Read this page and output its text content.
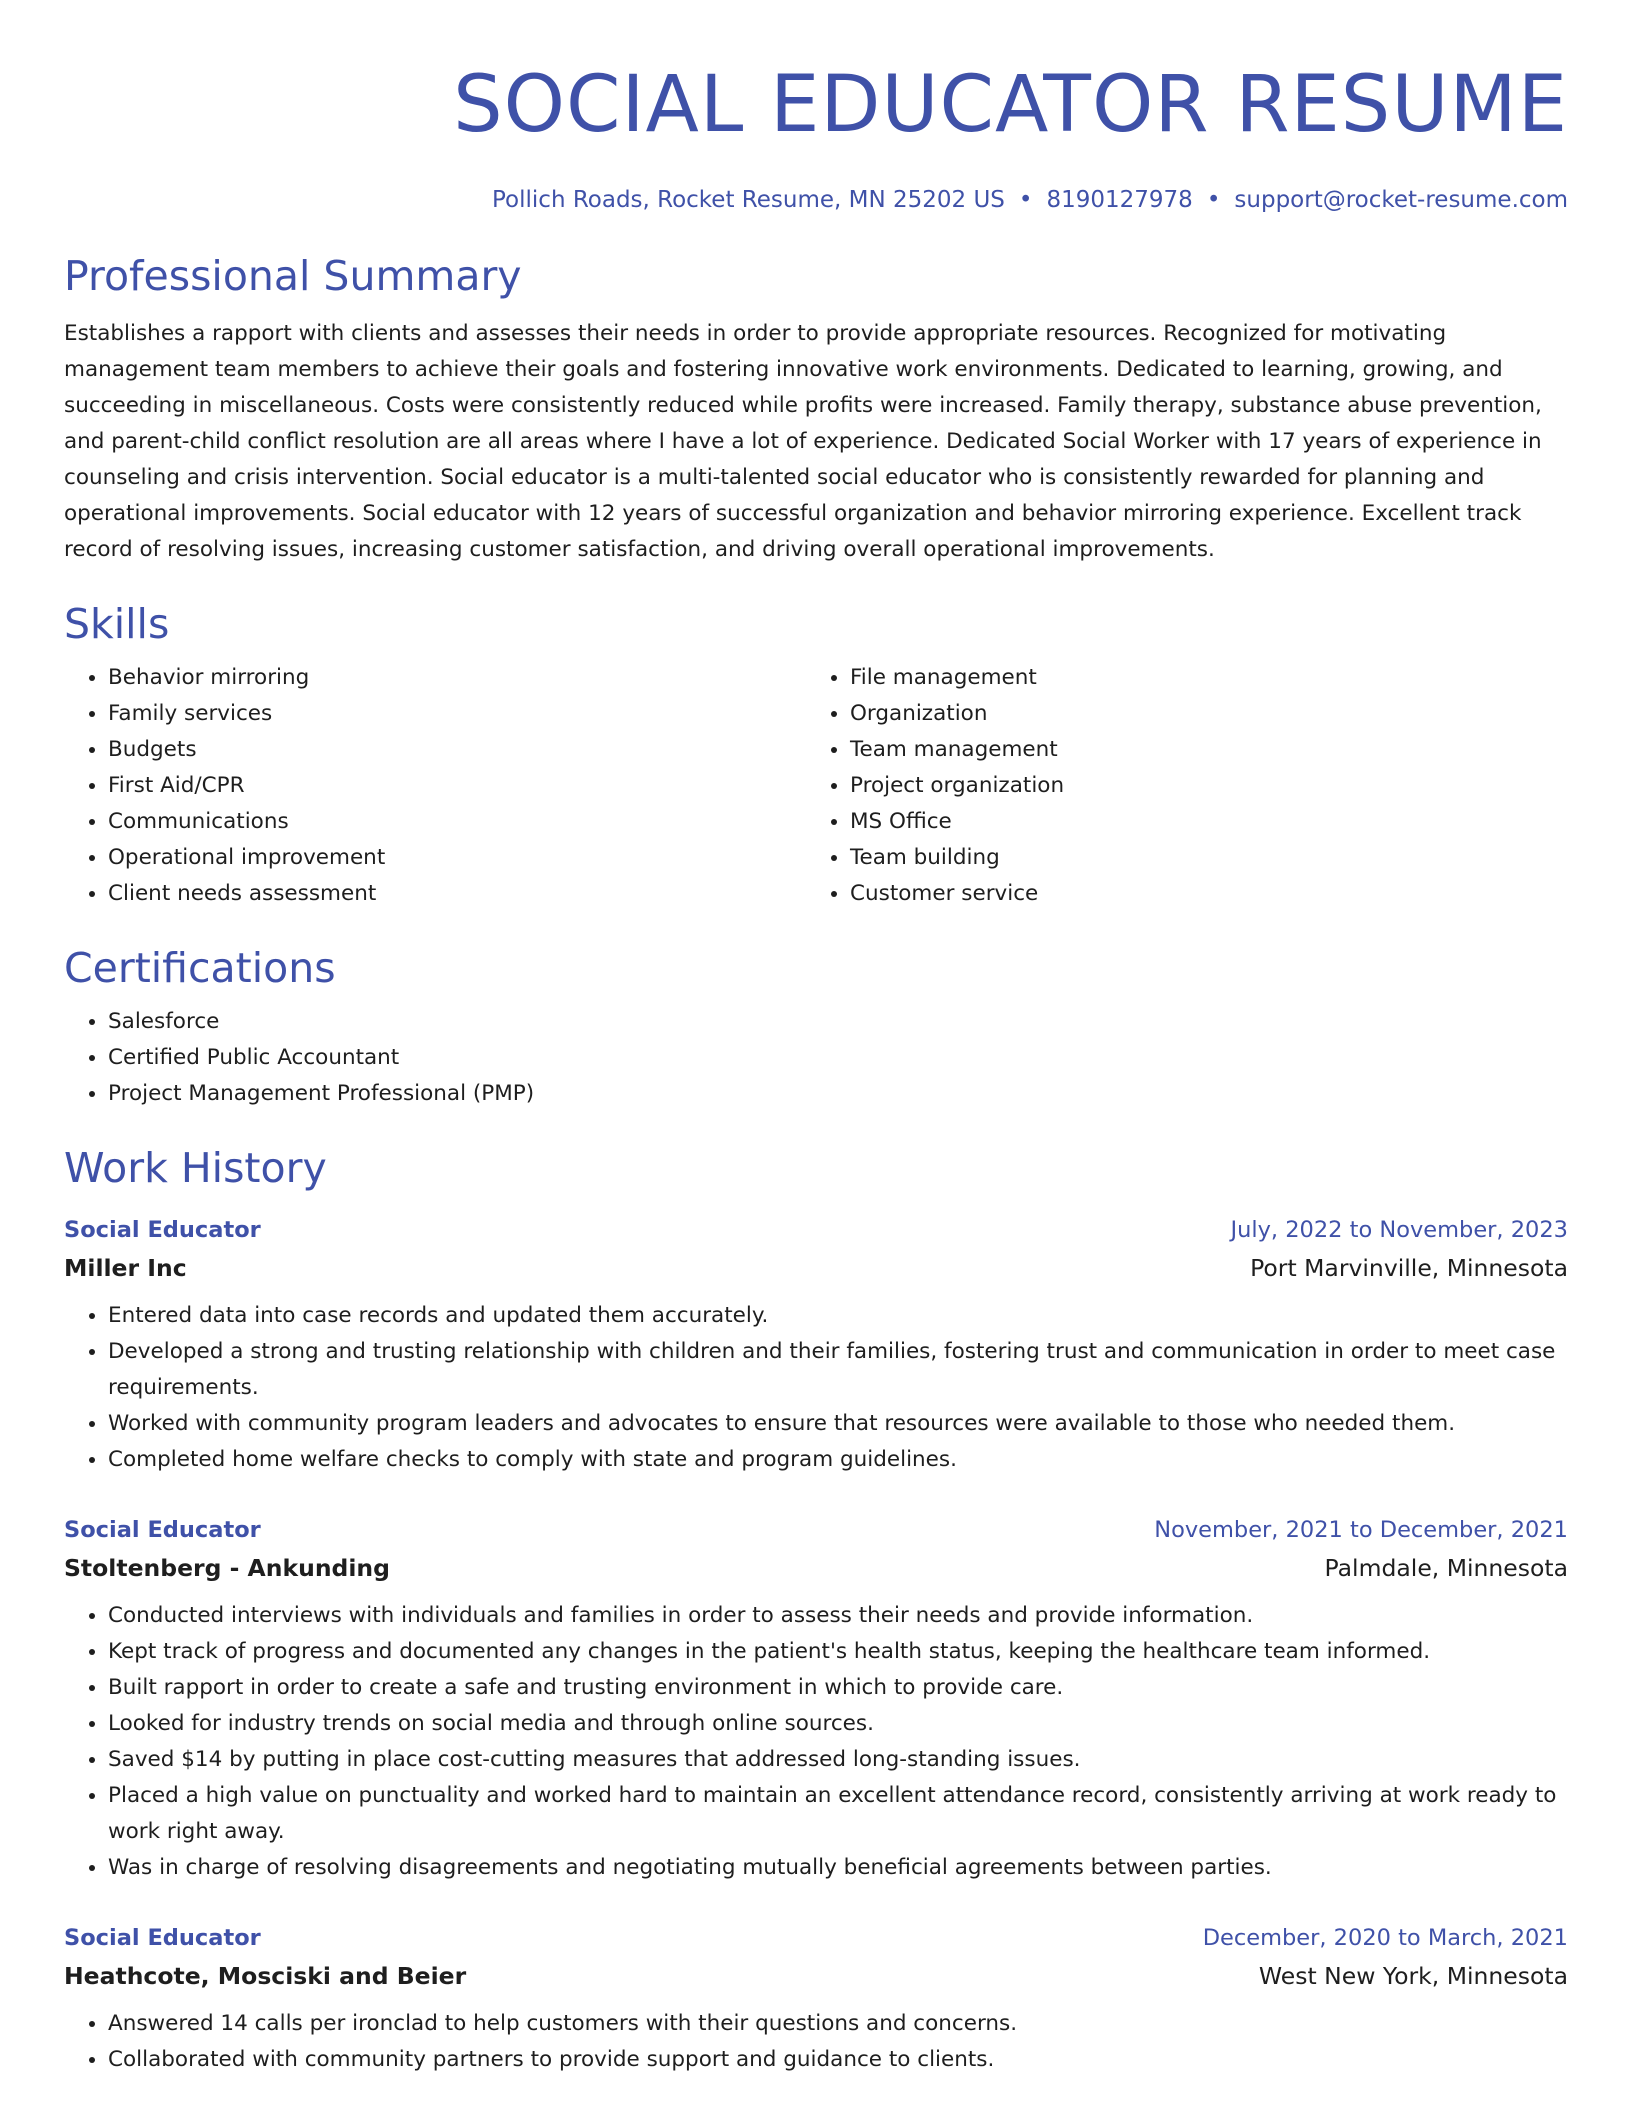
SOCIAL EDUCATOR RESUME
Pollich Roads, Rocket Resume, MN 25202 US • 8190127978 • support@rocket-resume.com
Professional Summary

Establishes a rapport with clients and assesses their needs in order to provide appropriate resources. Recognized for motivating management team members to achieve their goals and fostering innovative work environments. Dedicated to learning, growing, and succeeding in miscellaneous. Costs were consistently reduced while profits were increased. Family therapy, substance abuse prevention, and parent-child conflict resolution are all areas where I have a lot of experience. Dedicated Social Worker with 17 years of experience in counseling and crisis intervention. Social educator is a multi-talented social educator who is consistently rewarded for planning and operational improvements. Social educator with 12 years of successful organization and behavior mirroring experience. Excellent track record of resolving issues, increasing customer satisfaction, and driving overall operational improvements.

Skills
• Behavior mirroring
• Family services
• Budgets
• First Aid/CPR
• Communications
• Operational improvement
• Client needs assessment
• File management
• Organization
• Team management
• Project organization
• MS Office
• Team building
• Customer service
Certifications
• Salesforce
• Certified Public Accountant
• Project Management Professional (PMP)
Work History
Social Educator	July, 2022 to November, 2023
Miller Inc	Port Marvinville, Minnesota
• Entered data into case records and updated them accurately.
• Developed a strong and trusting relationship with children and their families, fostering trust and communication in order to meet case requirements.
• Worked with community program leaders and advocates to ensure that resources were available to those who needed them.
• Completed home welfare checks to comply with state and program guidelines.
Social Educator	November, 2021 to December, 2021
Stoltenberg - Ankunding	Palmdale, Minnesota
• Conducted interviews with individuals and families in order to assess their needs and provide information.
• Kept track of progress and documented any changes in the patient's health status, keeping the healthcare team informed.
• Built rapport in order to create a safe and trusting environment in which to provide care.
• Looked for industry trends on social media and through online sources.
• Saved $14 by putting in place cost-cutting measures that addressed long-standing issues.
• Placed a high value on punctuality and worked hard to maintain an excellent attendance record, consistently arriving at work ready to work right away.
• Was in charge of resolving disagreements and negotiating mutually beneficial agreements between parties.
Social Educator	December, 2020 to March, 2021
Heathcote, Mosciski and Beier	West New York, Minnesota
• Answered 14 calls per ironclad to help customers with their questions and concerns.
• Collaborated with community partners to provide support and guidance to clients.
